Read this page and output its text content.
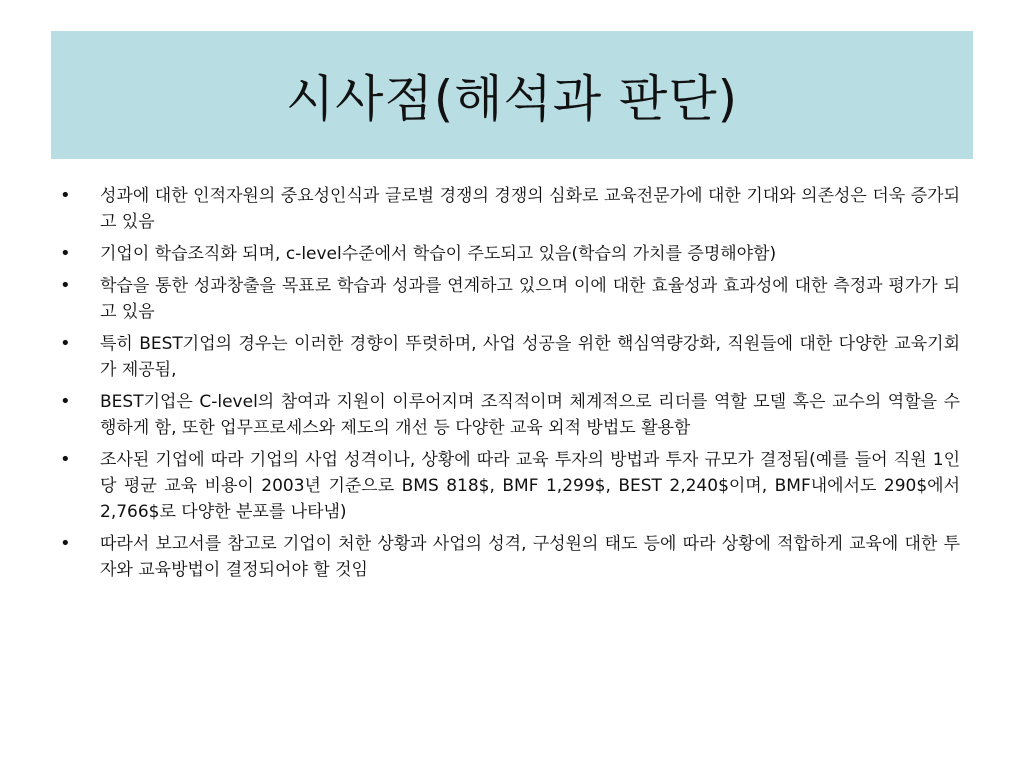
시사점(해석과 판단)
•	성과에 대한 인적자원의 중요성인식과 글로벌 경쟁의 경쟁의 심화로 교육전문가에 대한 기대와 의존성은 더욱 증가되고 있음
•	기업이 학습조직화 되며, c-level수준에서 학습이 주도되고 있음(학습의 가치를 증명해야함)
•	학습을 통한 성과창출을 목표로 학습과 성과를 연계하고 있으며 이에 대한 효율성과 효과성에 대한 측정과 평가가 되고 있음
•	특히 BEST기업의 경우는 이러한 경향이 뚜렷하며, 사업 성공을 위한 핵심역량강화, 직원들에 대한 다양한 교육기회가 제공됨,
•	BEST기업은 C-level의 참여과 지원이 이루어지며 조직적이며 체계적으로 리더를 역할 모델 혹은 교수의 역할을 수행하게 함, 또한 업무프로세스와 제도의 개선 등 다양한 교육 외적 방법도 활용함
•	조사된 기업에 따라 기업의 사업 성격이나, 상황에 따라 교육 투자의 방법과 투자 규모가 결정됨(예를 들어 직원 1인당 평균 교육 비용이 2003년 기준으로 BMS 818$, BMF 1,299$, BEST 2,240$이며, BMF내에서도 290$에서 2,766$로 다양한 분포를 나타냄)
•	따라서 보고서를 참고로 기업이 처한 상황과 사업의 성격, 구성원의 태도 등에 따라 상황에 적합하게 교육에 대한 투자와 교육방법이 결정되어야 할 것임
